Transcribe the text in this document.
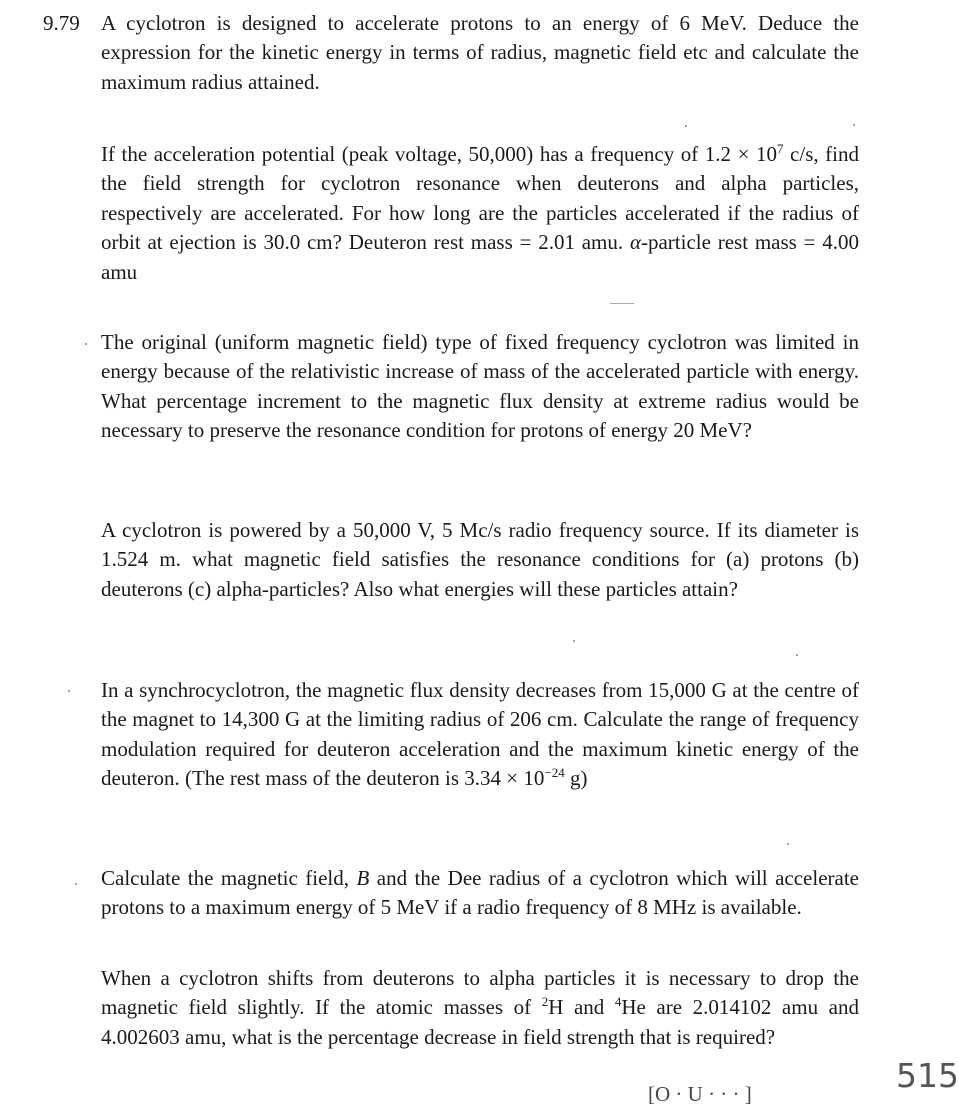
9.79 A cyclotron is designed to accelerate protons to an energy of 6 MeV. Deduce the expression for the kinetic energy in terms of radius, magnetic field etc and calculate the maximum radius attained.

If the acceleration potential (peak voltage, 50,000) has a frequency of $1.2 \times 10^7$ c/s, find the field strength for cyclotron resonance when deuterons and alpha particles, respectively are accelerated. For how long are the particles accelerated if the radius of orbit at ejection is 30.0 cm? Deuteron rest mass = 2.01 amu. α-particle rest mass = 4.00 amu

The original (uniform magnetic field) type of fixed frequency cyclotron was limited in energy because of the relativistic increase of mass of the accelerated particle with energy. What percentage increment to the magnetic flux density at extreme radius would be necessary to preserve the resonance condition for protons of energy 20 MeV?

A cyclotron is powered by a 50,000 V, 5 Mc/s radio frequency source. If its diameter is 1.524 m. what magnetic field satisfies the resonance conditions for (a) protons (b) deuterons (c) alpha-particles? Also what energies will these particles attain?

In a synchrocyclotron, the magnetic flux density decreases from 15,000 G at the centre of the magnet to 14,300 G at the limiting radius of 206 cm. Calculate the range of frequency modulation required for deuteron acceleration and the maximum kinetic energy of the deuteron. (The rest mass of the deuteron is $3.34 \times 10^{-24}$ g)

Calculate the magnetic field, B and the Dee radius of a cyclotron which will accelerate protons to a maximum energy of 5 MeV if a radio frequency of 8 MHz is available.

When a cyclotron shifts from deuterons to alpha particles it is necessary to drop the magnetic field slightly. If the atomic masses of $^2$H and $^4$He are 2.014102 amu and 4.002603 amu, what is the percentage decrease in field strength that is required?

[O · U · · · ]	515
